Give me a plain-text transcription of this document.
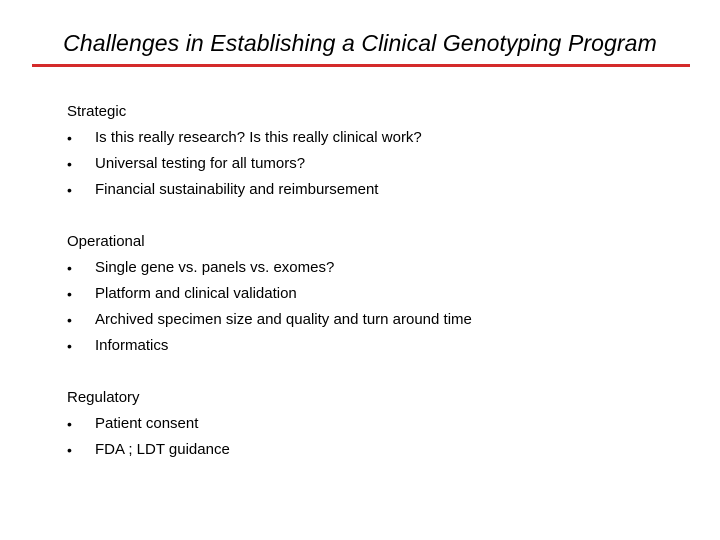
Challenges in Establishing a Clinical Genotyping Program
Strategic
•	Is this really research? Is this really clinical work?
•	Universal testing for all tumors?
•	Financial sustainability and reimbursement
Operational
•	Single gene vs. panels vs. exomes?
•	Platform and clinical validation
•	Archived specimen size and quality and turn around time
•	Informatics
Regulatory
•	Patient consent
•	FDA ; LDT guidance
